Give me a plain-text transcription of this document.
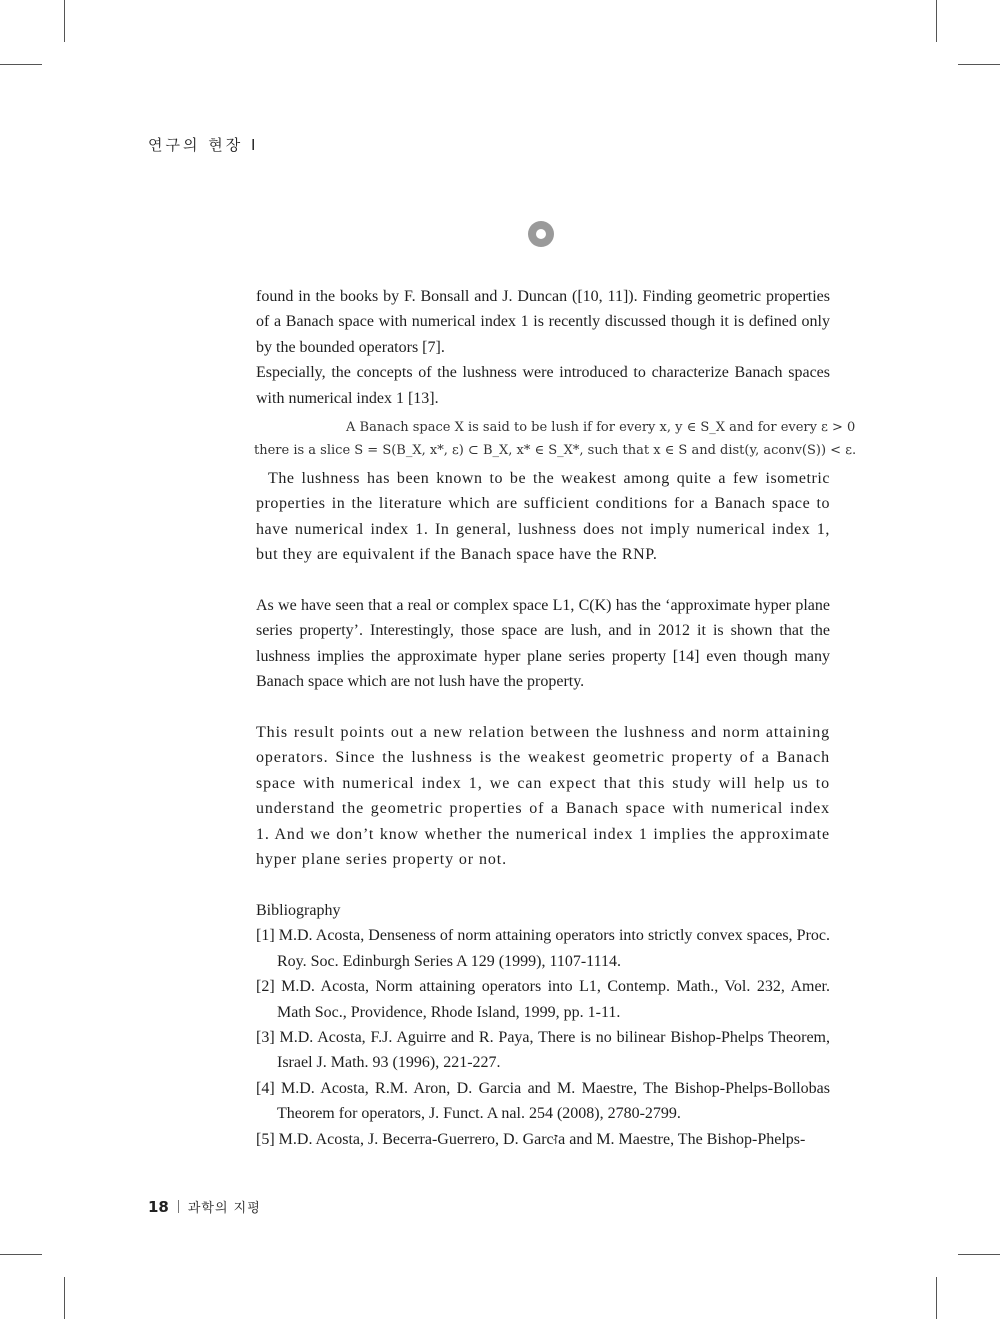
연구의 현장 I

found in the books by F. Bonsall and J. Duncan ([10, 11]). Finding geometric properties of a Banach space with numerical index 1 is recently discussed though it is defined only by the bounded operators [7].

Especially, the concepts of the lushness were introduced to characterize Banach spaces with numerical index 1 [13].

A Banach space X is said to be lush if for every x, y ∈ S_X and for every ε > 0
there is a slice S = S(B_X, x*, ε) ⊂ B_X, x* ∈ S_X*, such that x ∈ S and dist(y, aconv(S)) < ε.

The lushness has been known to be the weakest among quite a few isometric properties in the literature which are sufficient conditions for a Banach space to have numerical index 1. In general, lushness does not imply numerical index 1, but they are equivalent if the Banach space have the RNP.

As we have seen that a real or complex space L1, C(K) has the ‘approximate hyper plane series property’. Interestingly, those space are lush, and in 2012 it is shown that the lushness implies the approximate hyper plane series property [14] even though many Banach space which are not lush have the property.

This result points out a new relation between the lushness and norm attaining operators. Since the lushness is the weakest geometric property of a Banach space with numerical index 1, we can expect that this study will help us to understand the geometric properties of a Banach space with numerical index 1. And we don’t know whether the numerical index 1 implies the approximate hyper plane series property or not.

Bibliography

[1] M.D. Acosta, Denseness of norm attaining operators into strictly convex spaces, Proc. Roy. Soc. Edinburgh Series A 129 (1999), 1107-1114.

[2] M.D. Acosta, Norm attaining operators into L1, Contemp. Math., Vol. 232, Amer. Math Soc., Providence, Rhode Island, 1999, pp. 1-11.

[3] M.D. Acosta, F.J. Aguirre and R. Paya, There is no bilinear Bishop-Phelps Theorem, Israel J. Math. 93 (1996), 221-227.

[4] M.D. Acosta, R.M. Aron, D. Garcia and M. Maestre, The Bishop-Phelps-Bollobas Theorem for operators, J. Funct. A nal. 254 (2008), 2780-2799.

[5] M.D. Acosta, J. Becerra-Guerrero, D. Garcזּa and M. Maestre, The Bishop-Phelps-

18 과학의 지평
